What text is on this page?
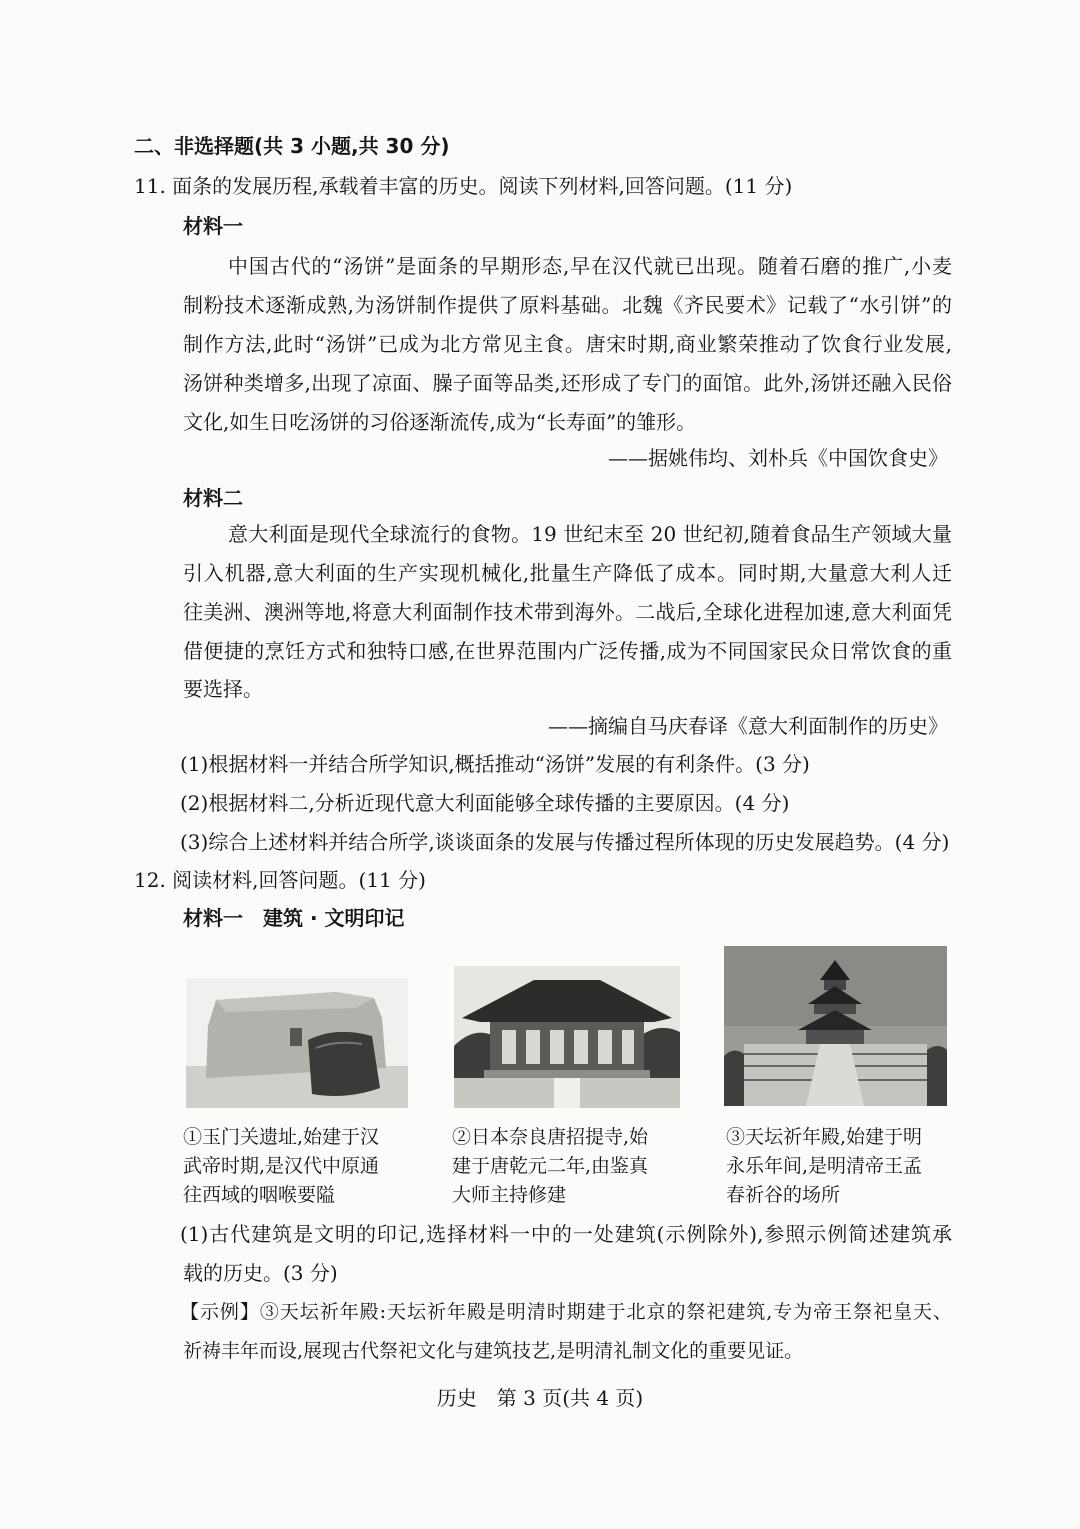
二、非选择题(共 3 小题,共 30 分)
11. 面条的发展历程,承载着丰富的历史。阅读下列材料,回答问题。(11 分)
材料一
中国古代的“汤饼”是面条的早期形态,早在汉代就已出现。随着石磨的推广,小麦
制粉技术逐渐成熟,为汤饼制作提供了原料基础。北魏《齐民要术》记载了“水引饼”的
制作方法,此时“汤饼”已成为北方常见主食。唐宋时期,商业繁荣推动了饮食行业发展,
汤饼种类增多,出现了凉面、臊子面等品类,还形成了专门的面馆。此外,汤饼还融入民俗
文化,如生日吃汤饼的习俗逐渐流传,成为“长寿面”的雏形。
——据姚伟均、刘朴兵《中国饮食史》
材料二
意大利面是现代全球流行的食物。19 世纪末至 20 世纪初,随着食品生产领域大量
引入机器,意大利面的生产实现机械化,批量生产降低了成本。同时期,大量意大利人迁
往美洲、澳洲等地,将意大利面制作技术带到海外。二战后,全球化进程加速,意大利面凭
借便捷的烹饪方式和独特口感,在世界范围内广泛传播,成为不同国家民众日常饮食的重
要选择。
——摘编自马庆春译《意大利面制作的历史》
(1)根据材料一并结合所学知识,概括推动“汤饼”发展的有利条件。(3 分)
(2)根据材料二,分析近现代意大利面能够全球传播的主要原因。(4 分)
(3)综合上述材料并结合所学,谈谈面条的发展与传播过程所体现的历史发展趋势。(4 分)
12. 阅读材料,回答问题。(11 分)
材料一　建筑 · 文明印记
①玉门关遗址,始建于汉
武帝时期,是汉代中原通
往西域的咽喉要隘
②日本奈良唐招提寺,始
建于唐乾元二年,由鉴真
大师主持修建
③天坛祈年殿,始建于明
永乐年间,是明清帝王孟
春祈谷的场所
(1)古代建筑是文明的印记,选择材料一中的一处建筑(示例除外),参照示例简述建筑承
载的历史。(3 分)
【示例】③天坛祈年殿:天坛祈年殿是明清时期建于北京的祭祀建筑,专为帝王祭祀皇天、
祈祷丰年而设,展现古代祭祀文化与建筑技艺,是明清礼制文化的重要见证。
历史　第 3 页(共 4 页)
